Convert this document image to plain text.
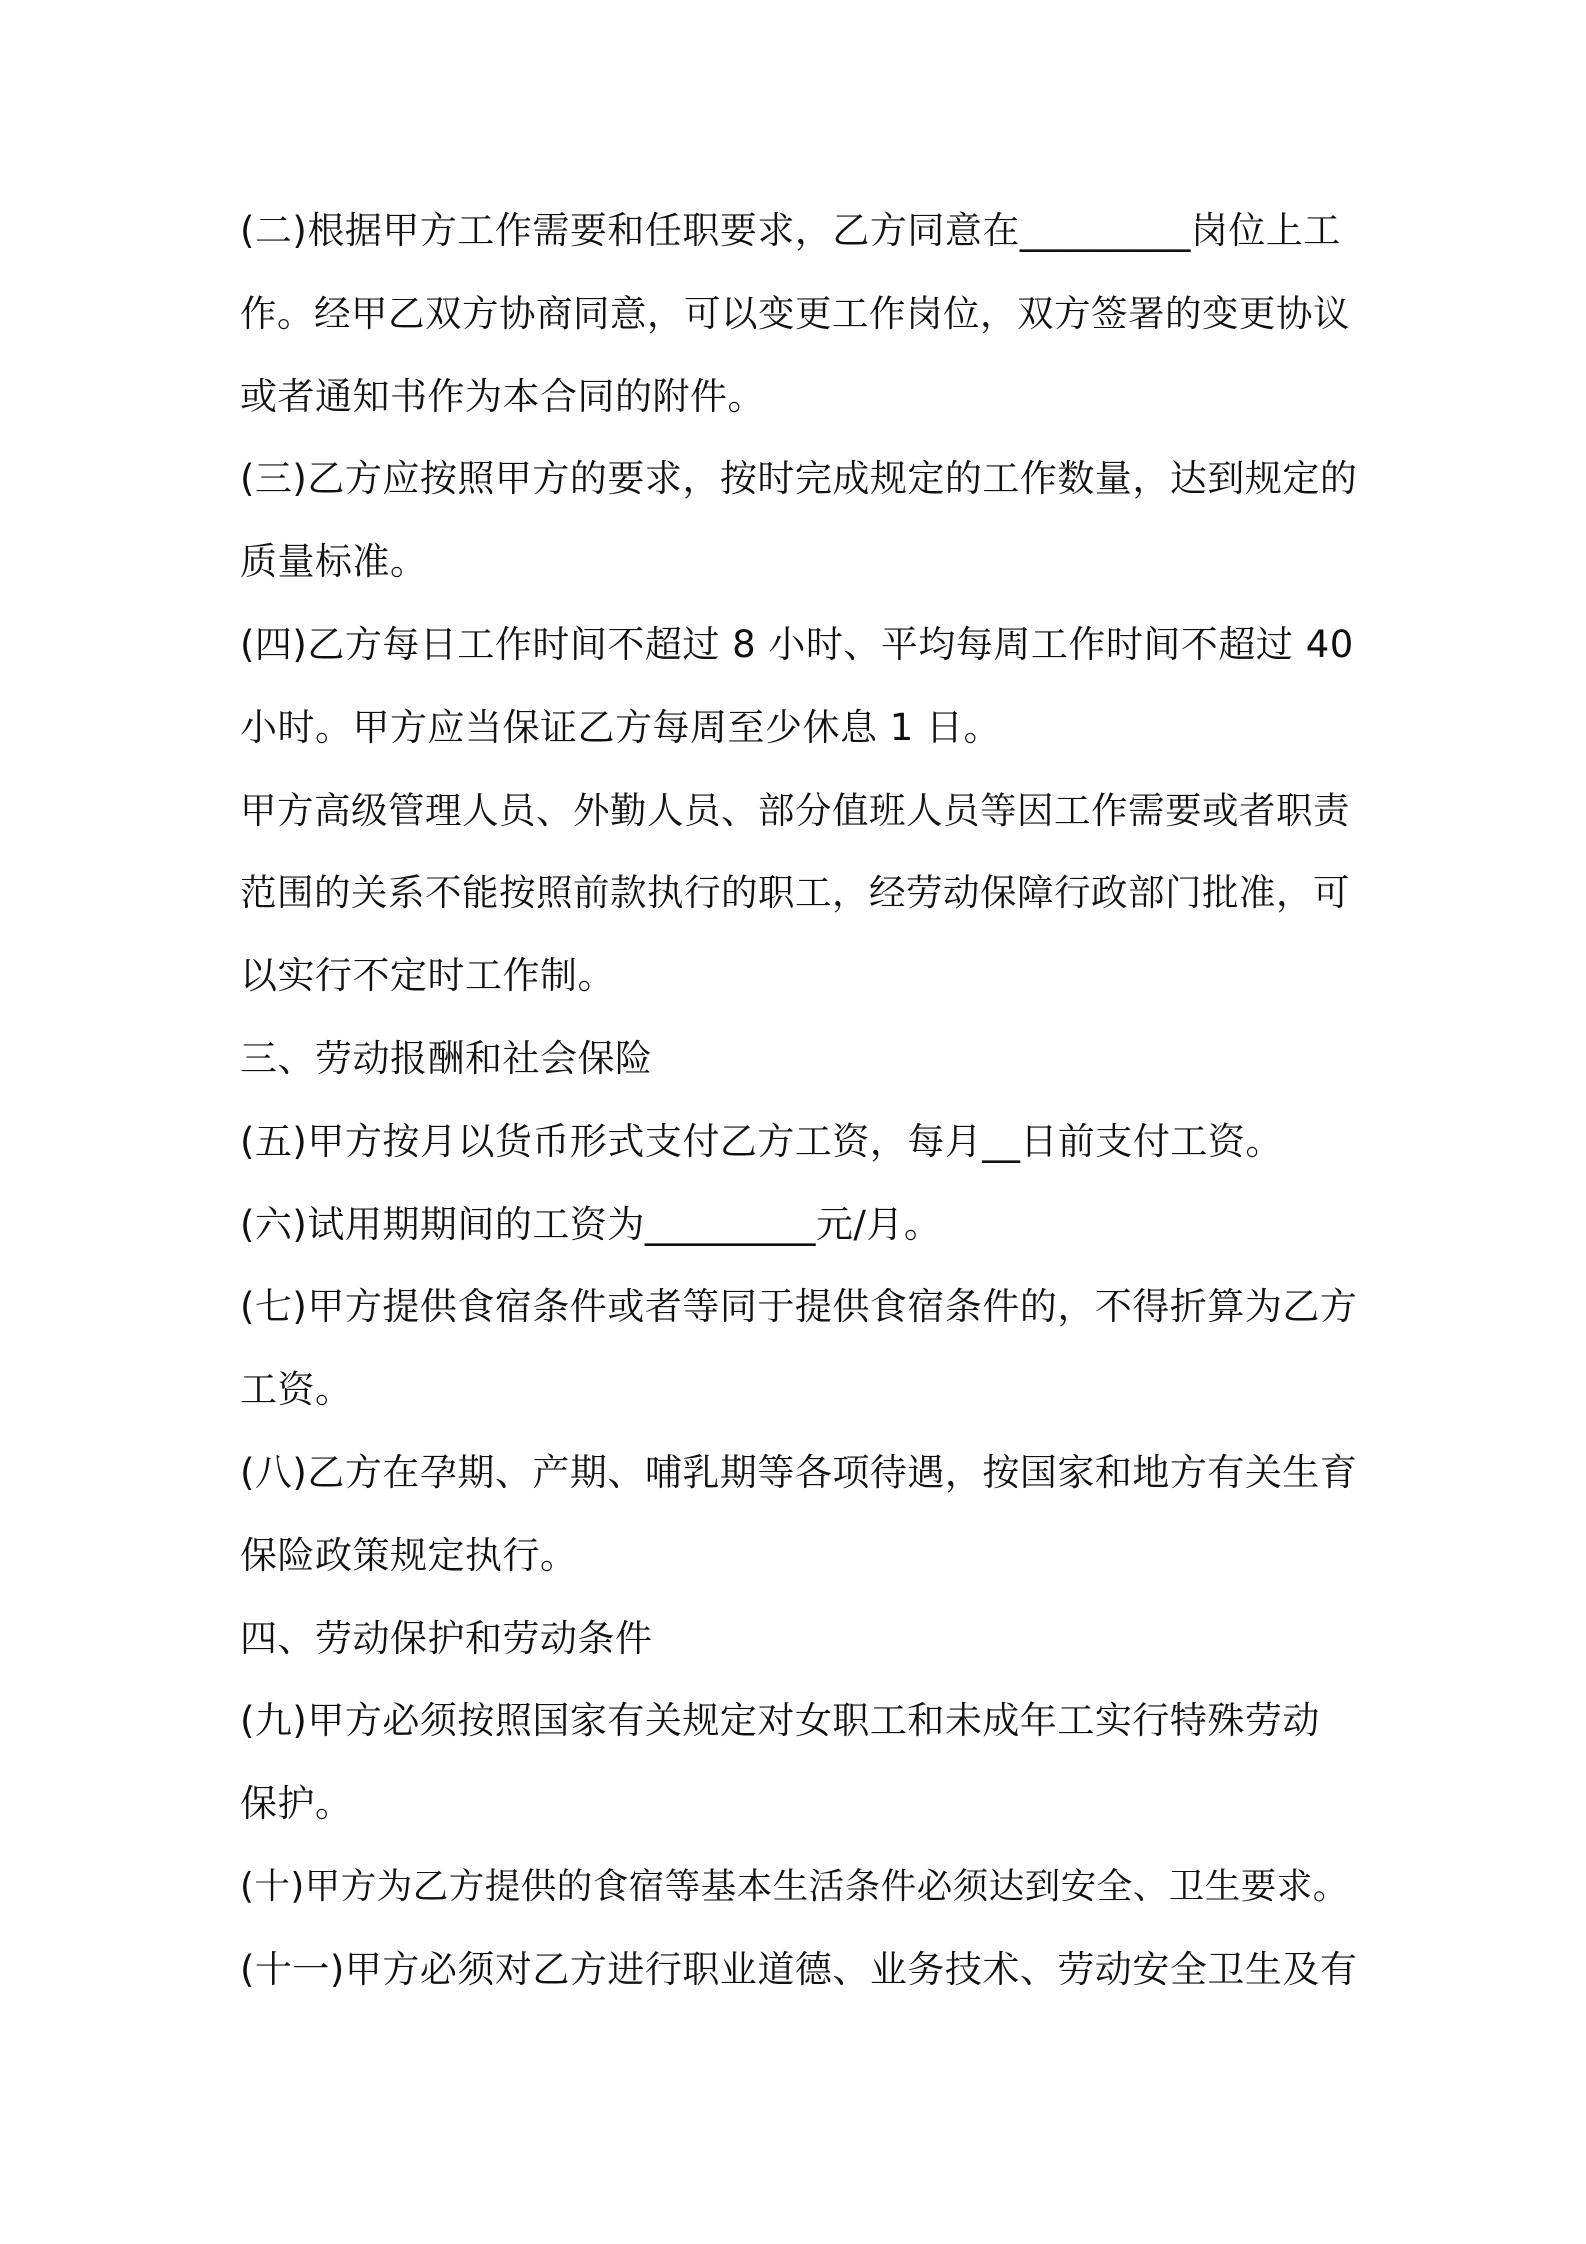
(二)根据甲方工作需要和任职要求，乙方同意在_________岗位上工
作。经甲乙双方协商同意，可以变更工作岗位，双方签署的变更协议
或者通知书作为本合同的附件。
(三)乙方应按照甲方的要求，按时完成规定的工作数量，达到规定的
质量标准。
(四)乙方每日工作时间不超过 8 小时、平均每周工作时间不超过 40
小时。甲方应当保证乙方每周至少休息 1 日。
甲方高级管理人员、外勤人员、部分值班人员等因工作需要或者职责
范围的关系不能按照前款执行的职工，经劳动保障行政部门批准，可
以实行不定时工作制。
三、劳动报酬和社会保险
(五)甲方按月以货币形式支付乙方工资，每月__日前支付工资。
(六)试用期期间的工资为_________元/月。
(七)甲方提供食宿条件或者等同于提供食宿条件的，不得折算为乙方
工资。
(八)乙方在孕期、产期、哺乳期等各项待遇，按国家和地方有关生育
保险政策规定执行。
四、劳动保护和劳动条件
(九)甲方必须按照国家有关规定对女职工和未成年工实行特殊劳动
保护。
(十)甲方为乙方提供的食宿等基本生活条件必须达到安全、卫生要求。
(十一)甲方必须对乙方进行职业道德、业务技术、劳动安全卫生及有
